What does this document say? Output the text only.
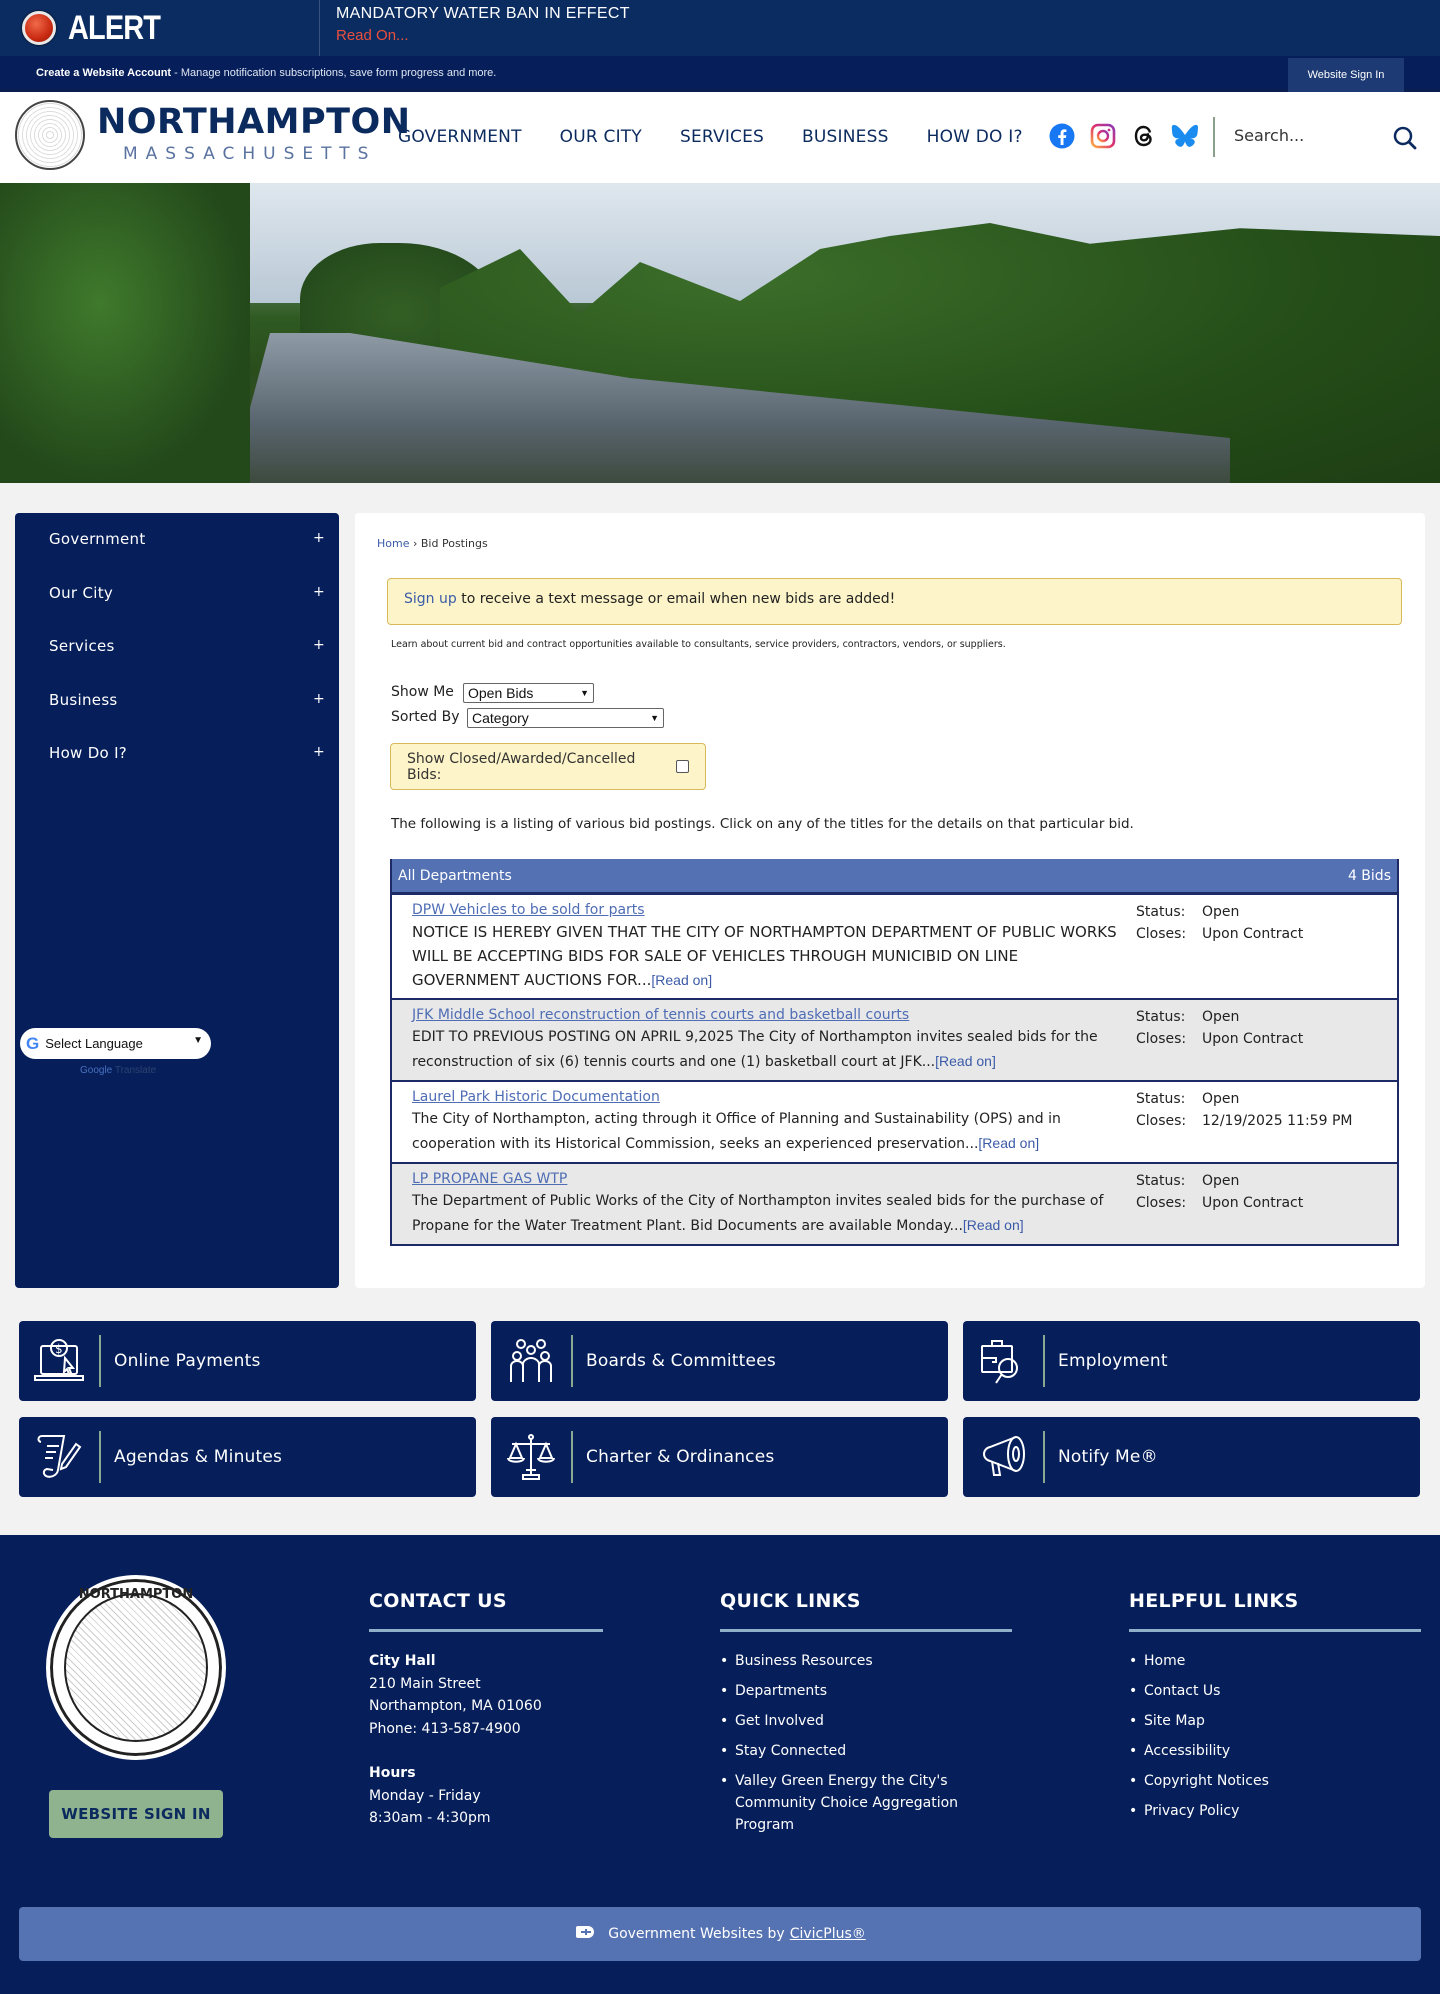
ALERT	MANDATORY WATER BAN IN EFFECT
Read On...
Create a Website Account - Manage notification subscriptions, save form progress and more.	Website Sign In
NORTHAMPTON
MASSACHUSETTS
GOVERNMENT OUR CITY SERVICES BUSINESS HOW DO I?	Search...
Government	+
Our City	+
Services	+
Business	+
How Do I?	+
G Select Language	▼
Google Translate
Home › Bid Postings
Sign up to receive a text message or email when new bids are added!
Learn about current bid and contract opportunities available to consultants, service providers, contractors, vendors, or suppliers.
Show Me Open Bids	▼
Sorted By Category	▼
Show Closed/Awarded/Cancelled Bids:
The following is a listing of various bid postings. Click on any of the titles for the details on that particular bid.
All Departments	4 Bids
DPW Vehicles to be sold for parts
NOTICE IS HEREBY GIVEN THAT THE CITY OF NORTHAMPTON DEPARTMENT OF PUBLIC WORKS WILL BE ACCEPTING BIDS FOR SALE OF VEHICLES THROUGH MUNICIBID ON LINE GOVERNMENT AUCTIONS FOR...[Read on]
Status: Open
Closes: Upon Contract
JFK Middle School reconstruction of tennis courts and basketball courts
EDIT TO PREVIOUS POSTING ON APRIL 9,2025 The City of Northampton invites sealed bids for the reconstruction of six (6) tennis courts and one (1) basketball court at JFK...[Read on]
Status: Open
Closes: Upon Contract
Laurel Park Historic Documentation
The City of Northampton, acting through it Office of Planning and Sustainability (OPS) and in cooperation with its Historical Commission, seeks an experienced preservation...[Read on]
Status: Open
Closes: 12/19/2025 11:59 PM
LP PROPANE GAS WTP
The Department of Public Works of the City of Northampton invites sealed bids for the purchase of Propane for the Water Treatment Plant. Bid Documents are available Monday...[Read on]
Status: Open
Closes: Upon Contract
$
Online Payments	Boards & Committees	Employment
Agendas & Minutes	Charter & Ordinances	Notify Me®
NORTHAMPTON
WEBSITE SIGN IN
CONTACT US
City Hall
210 Main Street
Northampton, MA 01060
Phone: 413-587-4900
Hours
Monday - Friday
8:30am - 4:30pm
QUICK LINKS
• Business Resources
• Departments
• Get Involved
• Stay Connected
• Valley Green Energy the City's Community Choice Aggregation Program
HELPFUL LINKS
• Home
• Contact Us
• Site Map
• Accessibility
• Copyright Notices
• Privacy Policy
Government Websites by CivicPlus®
